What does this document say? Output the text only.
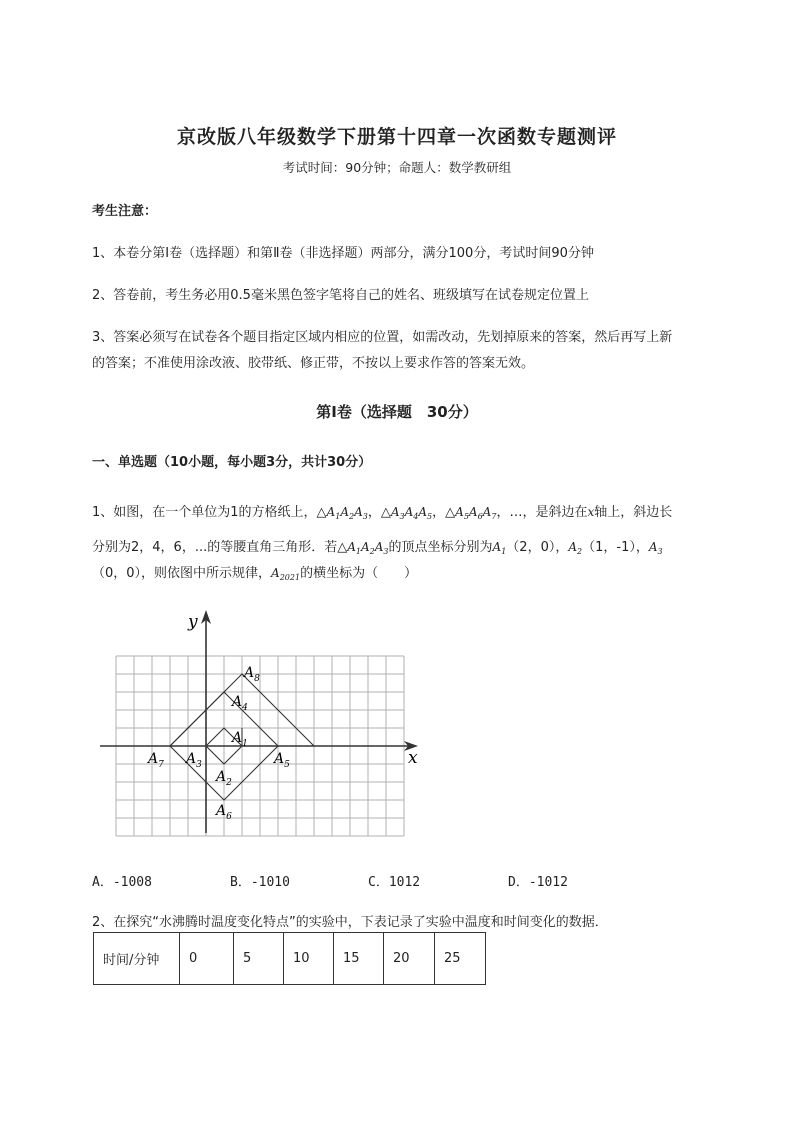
京改版八年级数学下册第十四章一次函数专题测评
考试时间：90分钟；命题人：数学教研组
考生注意：
1、本卷分第I卷（选择题）和第Ⅱ卷（非选择题）两部分，满分100分，考试时间90分钟
2、答卷前，考生务必用0.5毫米黑色签字笔将自己的姓名、班级填写在试卷规定位置上
3、答案必须写在试卷各个题目指定区域内相应的位置，如需改动，先划掉原来的答案，然后再写上新
的答案；不准使用涂改液、胶带纸、修正带，不按以上要求作答的答案无效。
第I卷（选择题　30分）
一、单选题（10小题，每小题3分，共计30分）
1、如图，在一个单位为1的方格纸上，$\triangle A_1A_2A_3$，$\triangle A_3A_4A_5$，$\triangle A_5A_6A_7$，…，是斜边在x轴上，斜边长
分别为2，4，6，...的等腰直角三角形．若$\triangle A_1A_2A_3$的顶点坐标分别为$A_1(2$，0），$A_2(1$，-1），$A_3$
（0，0），则依图中所示规律，$A_{2021}$的横坐标为（　　）
x
y
$A_1$
$A_2$
$A_3$
$A_4$
$A_5$
$A_6$
$A_7$
$A_8$
A．-1008	B．-1010	C．1012	D．-1012
2、在探究“水沸腾时温度变化特点”的实验中，下表记录了实验中温度和时间变化的数据．
时间/分钟	0	5	10	15	20	25
